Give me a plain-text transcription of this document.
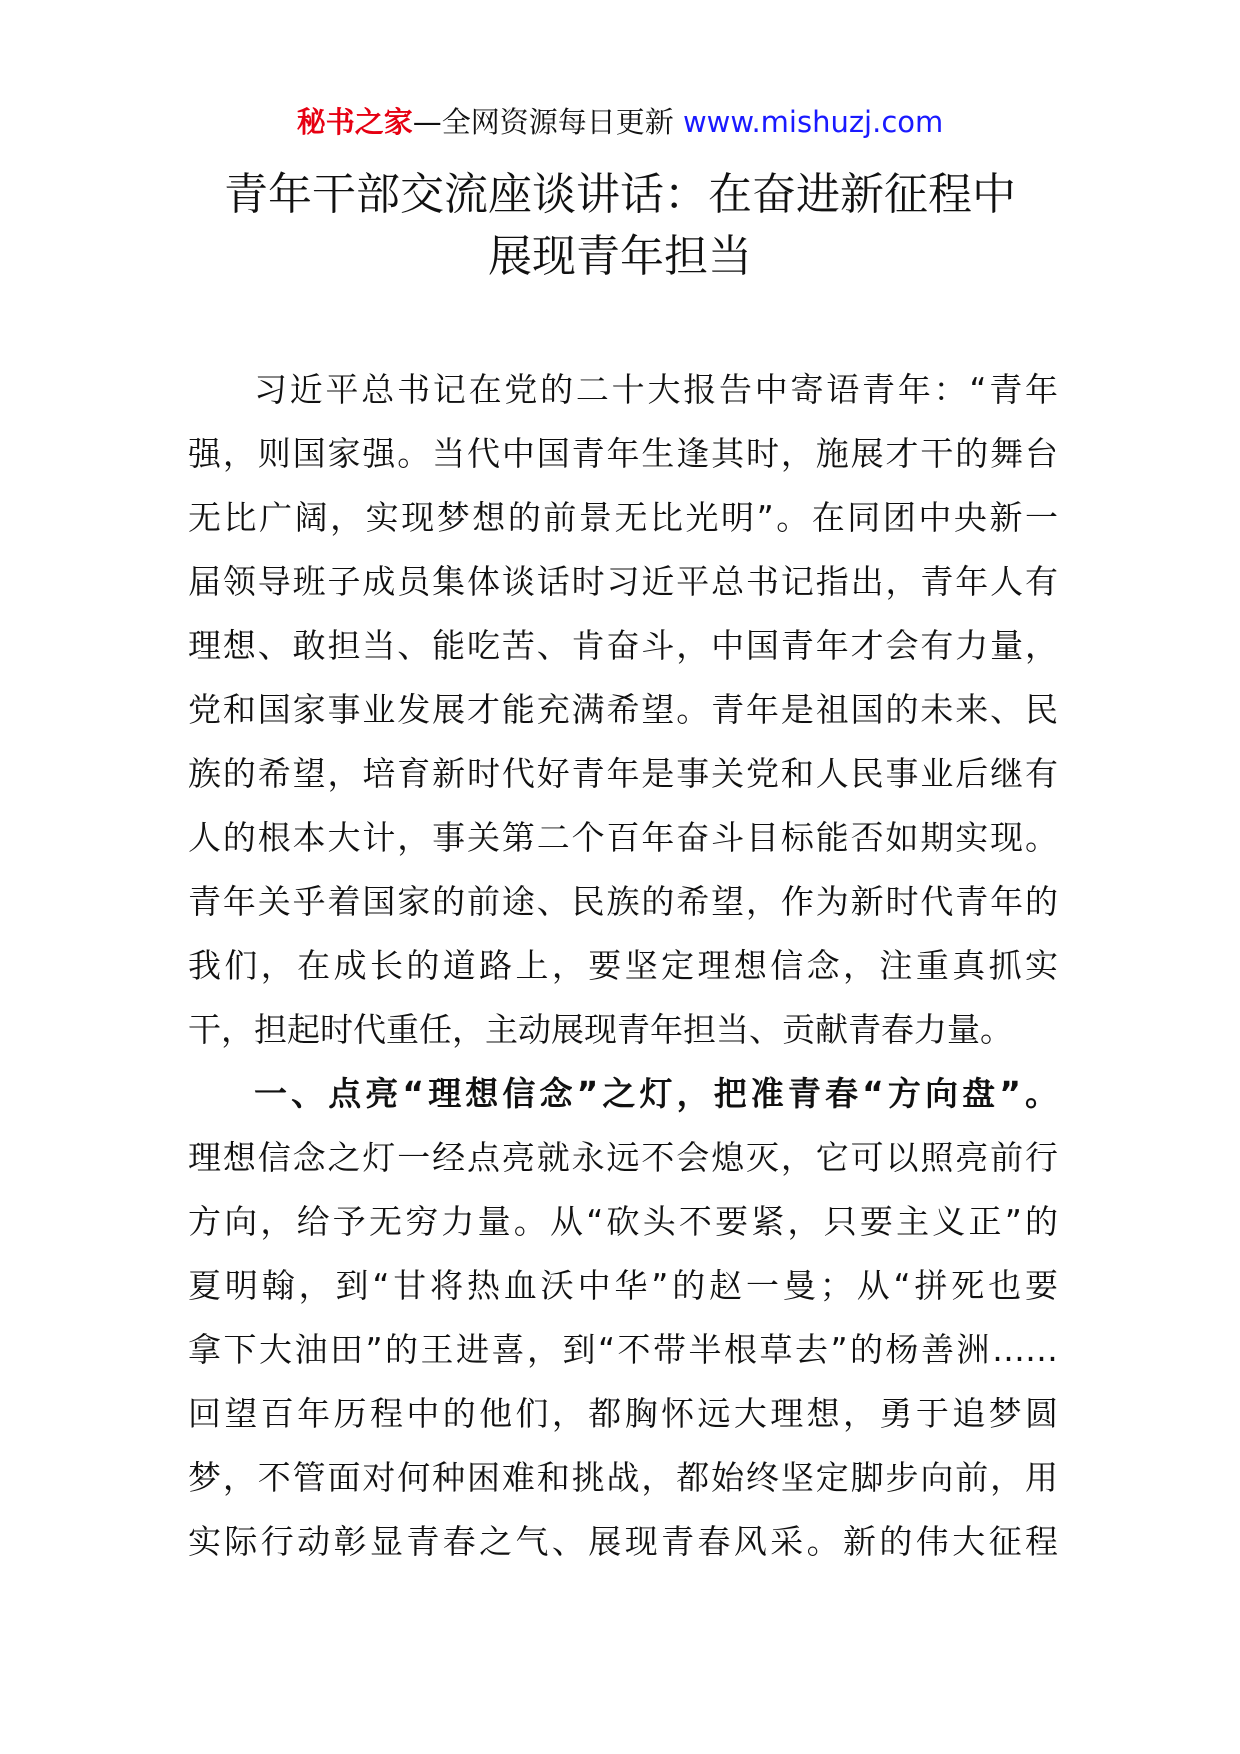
秘书之家—全网资源每日更新 www.mishuzj.com
青年干部交流座谈讲话：在奋进新征程中
展现青年担当
习近平总书记在党的二十大报告中寄语青年：“青年
强，则国家强。当代中国青年生逢其时，施展才干的舞台
无比广阔，实现梦想的前景无比光明”。在同团中央新一
届领导班子成员集体谈话时习近平总书记指出，青年人有
理想、敢担当、能吃苦、肯奋斗，中国青年才会有力量，
党和国家事业发展才能充满希望。青年是祖国的未来、民
族的希望，培育新时代好青年是事关党和人民事业后继有
人的根本大计，事关第二个百年奋斗目标能否如期实现。
青年关乎着国家的前途、民族的希望，作为新时代青年的
我们，在成长的道路上，要坚定理想信念，注重真抓实
干，担起时代重任，主动展现青年担当、贡献青春力量。
一、点亮“理想信念”之灯，把准青春“方向盘”。
理想信念之灯一经点亮就永远不会熄灭，它可以照亮前行
方向，给予无穷力量。从“砍头不要紧，只要主义正”的
夏明翰，到“甘将热血沃中华”的赵一曼；从“拼死也要
拿下大油田”的王进喜，到“不带半根草去”的杨善洲……
回望百年历程中的他们，都胸怀远大理想，勇于追梦圆
梦，不管面对何种困难和挑战，都始终坚定脚步向前，用
实际行动彰显青春之气、展现青春风采。新的伟大征程
